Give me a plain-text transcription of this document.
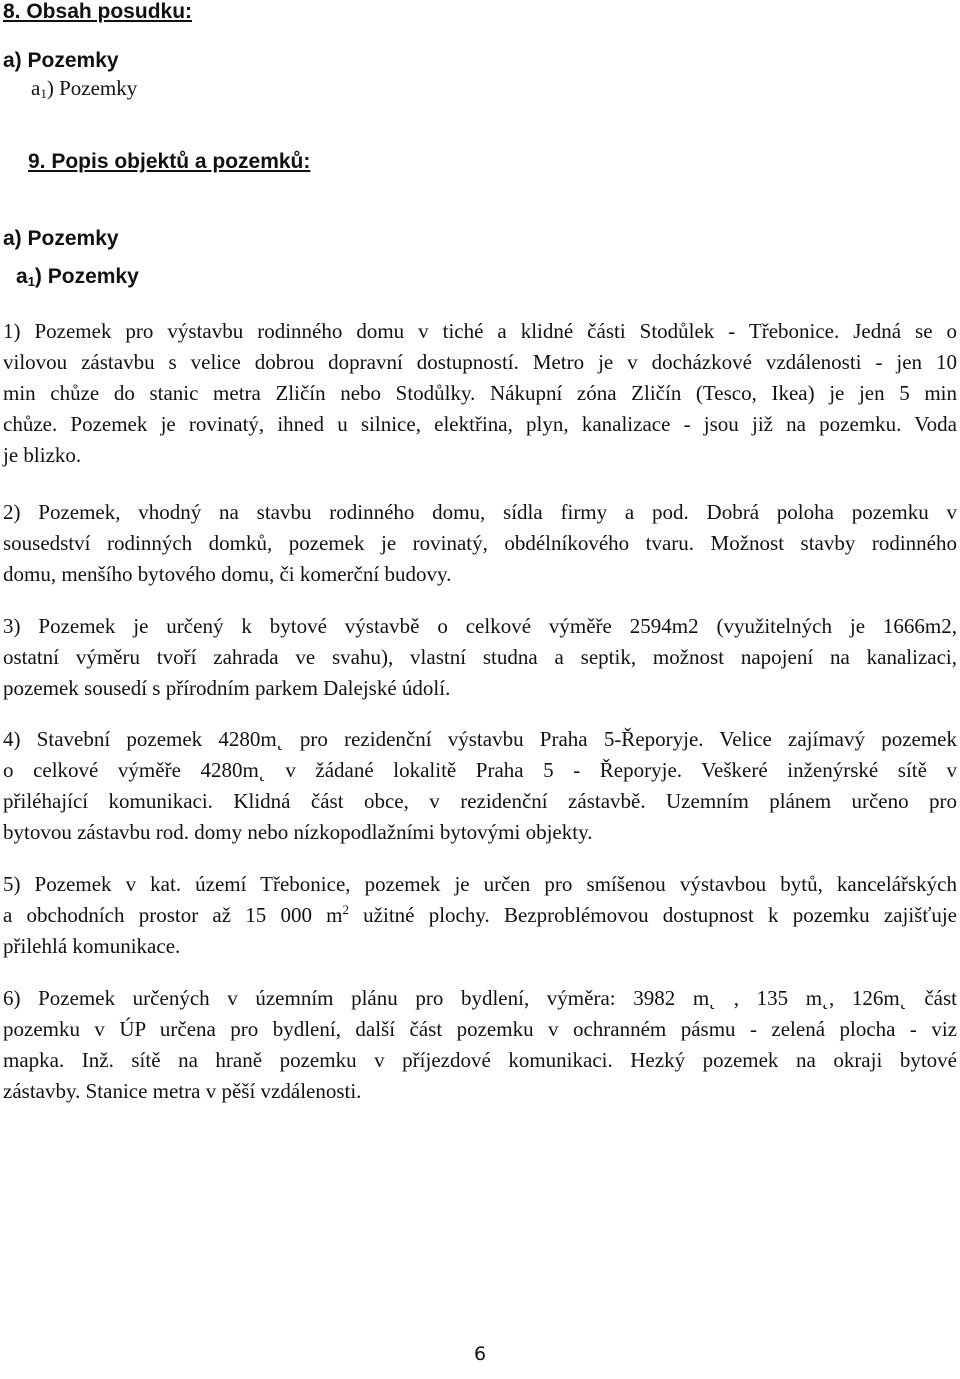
8. Obsah posudku:

a) Pozemky

$a_1$) Pozemky

9. Popis objektů a pozemků:

a) Pozemky

$a_1$) Pozemky

1) Pozemek pro výstavbu rodinného domu v tiché a klidné části Stodůlek - Třebonice. Jedná se o
vilovou zástavbu s velice dobrou dopravní dostupností. Metro je v docházkové vzdálenosti - jen 10
min chůze do stanic metra Zličín nebo Stodůlky. Nákupní zóna Zličín (Tesco, Ikea) je jen 5 min
chůze. Pozemek je rovinatý, ihned u silnice, elektřina, plyn, kanalizace - jsou již na pozemku. Voda
je blizko.
2) Pozemek, vhodný na stavbu rodinného domu, sídla firmy a pod. Dobrá poloha pozemku v
sousedství rodinných domků, pozemek je rovinatý, obdélníkového tvaru. Možnost stavby rodinného
domu, menšího bytového domu, či komerční budovy.
3) Pozemek je určený k bytové výstavbě o celkové výměře 2594m2 (využitelných je 1666m2,
ostatní výměru tvoří zahrada ve svahu), vlastní studna a septik, možnost napojení na kanalizaci,
pozemek sousedí s přírodním parkem Dalejské údolí.
4) Stavební pozemek 4280m˛ pro rezidenční výstavbu Praha 5-Řeporyje. Velice zajímavý pozemek
o celkové výměře 4280m˛ v žádané lokalitě Praha 5 - Řeporyje. Veškeré inženýrské sítě v
přiléhající komunikaci. Klidná část obce, v rezidenční zástavbě. Uzemním plánem určeno pro
bytovou zástavbu rod. domy nebo nízkopodlažními bytovými objekty.
5) Pozemek v kat. území Třebonice, pozemek je určen pro smíšenou výstavbou bytů, kancelářských
a obchodních prostor až 15 000 $m^2$ užitné plochy. Bezproblémovou dostupnost k pozemku zajišťuje
přilehlá komunikace.
6) Pozemek určených v územním plánu pro bydlení, výměra: 3982 m˛ , 135 m˛, 126m˛ část
pozemku v ÚP určena pro bydlení, další část pozemku v ochranném pásmu - zelená plocha - viz
mapka. Inž. sítě na hraně pozemku v příjezdové komunikaci. Hezký pozemek na okraji bytové
zástavby. Stanice metra v pěší vzdálenosti.

6
